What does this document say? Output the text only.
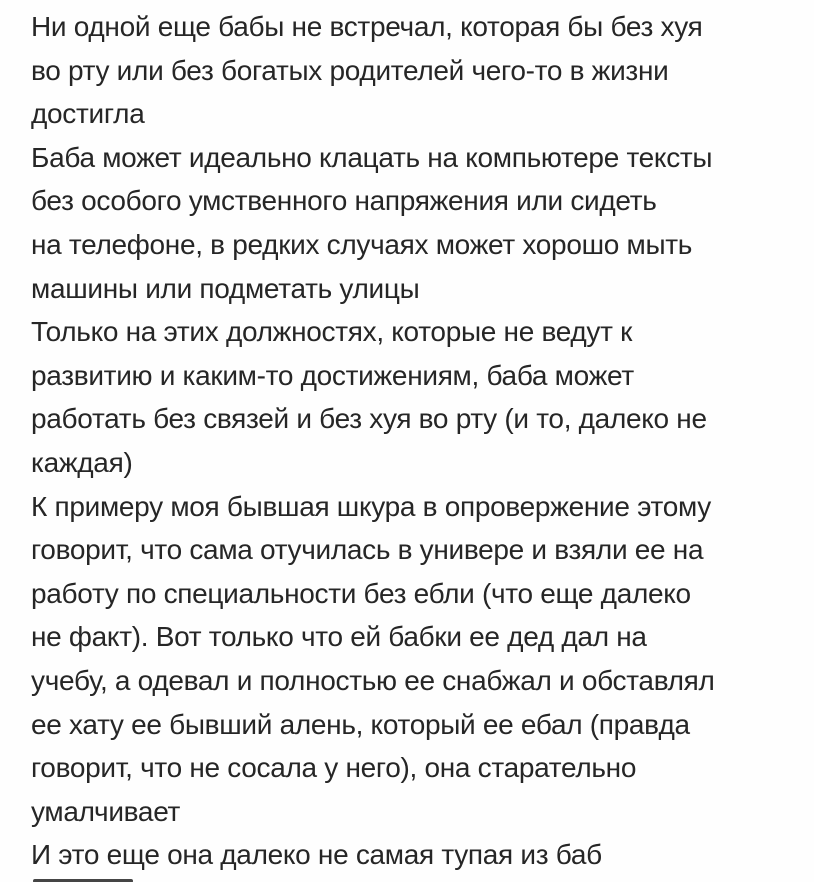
Ни одной еще бабы не встречал, которая бы без хуя
во рту или без богатых родителей чего-то в жизни
достигла
Баба может идеально клацать на компьютере тексты
без особого умственного напряжения или сидеть
на телефоне, в редких случаях может хорошо мыть
машины или подметать улицы
Только на этих должностях, которые не ведут к
развитию и каким-то достижениям, баба может
работать без связей и без хуя во рту (и то, далеко не
каждая)
К примеру моя бывшая шкура в опровержение этому
говорит, что сама отучилась в универе и взяли ее на
работу по специальности без ебли (что еще далеко
не факт). Вот только что ей бабки ее дед дал на
учебу, а одевал и полностью ее снабжал и обставлял
ее хату ее бывший алень, который ее ебал (правда
говорит, что не сосала у него), она старательно
умалчивает
И это еще она далеко не самая тупая из баб
